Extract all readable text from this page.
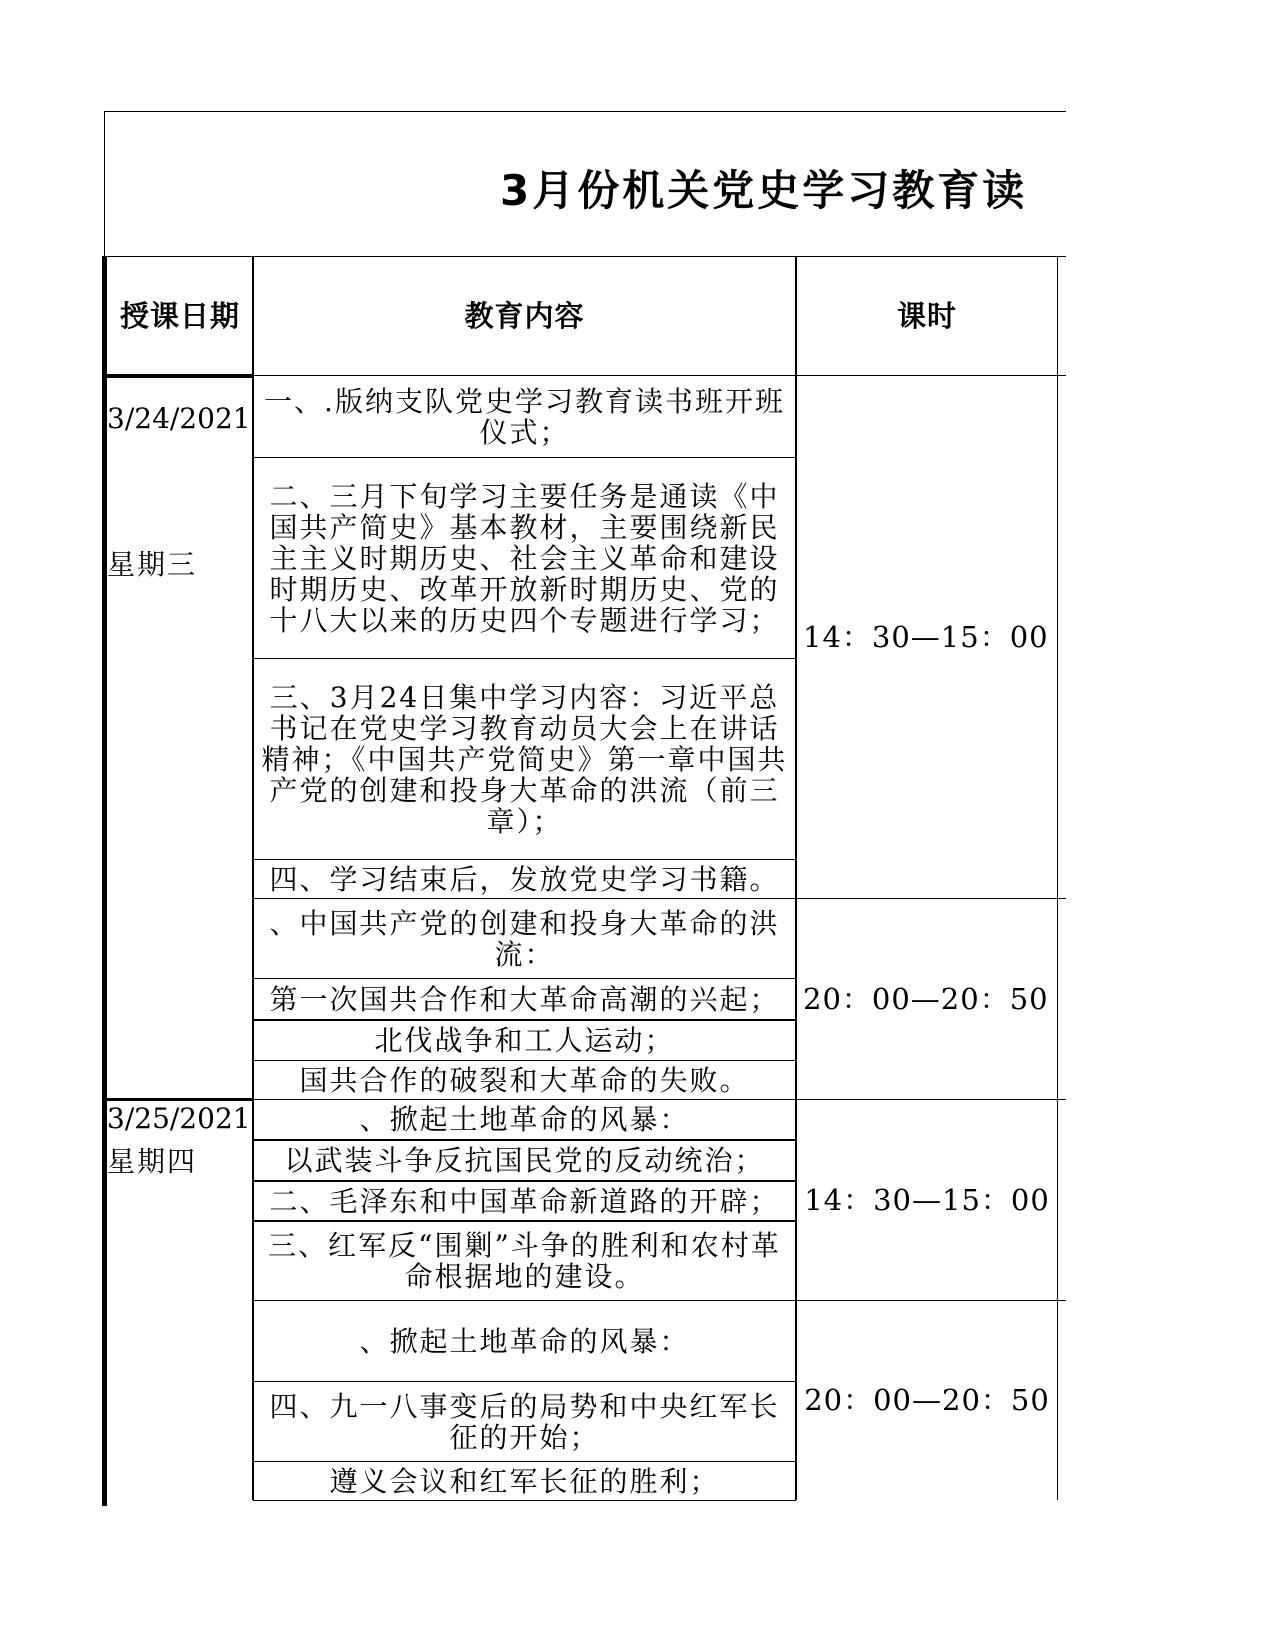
3月份机关党史学习教育读
授课日期	教育内容	课时
3/24/2021
星期三
一、.版纳支队党史学习教育读书班开班仪式；
二、三月下旬学习主要任务是通读《中国共产简史》基本教材，主要围绕新民主主义时期历史、社会主义革命和建设时期历史、改革开放新时期历史、党的十八大以来的历史四个专题进行学习；
三、3月24日集中学习内容：习近平总书记在党史学习教育动员大会上在讲话精神；《中国共产党简史》第一章中国共产党的创建和投身大革命的洪流（前三章）；
四、学习结束后，发放党史学习书籍。
14：30—15：00
、中国共产党的创建和投身大革命的洪流：
第一次国共合作和大革命高潮的兴起；
北伐战争和工人运动；
国共合作的破裂和大革命的失败。
20：00—20：50
3/25/2021
星期四
、掀起土地革命的风暴：
以武装斗争反抗国民党的反动统治；
二、毛泽东和中国革命新道路的开辟；
三、红军反“围剿”斗争的胜利和农村革命根据地的建设。
14：30—15：00
、掀起土地革命的风暴：
四、九一八事变后的局势和中央红军长征的开始；
遵义会议和红军长征的胜利；
20：00—20：50
